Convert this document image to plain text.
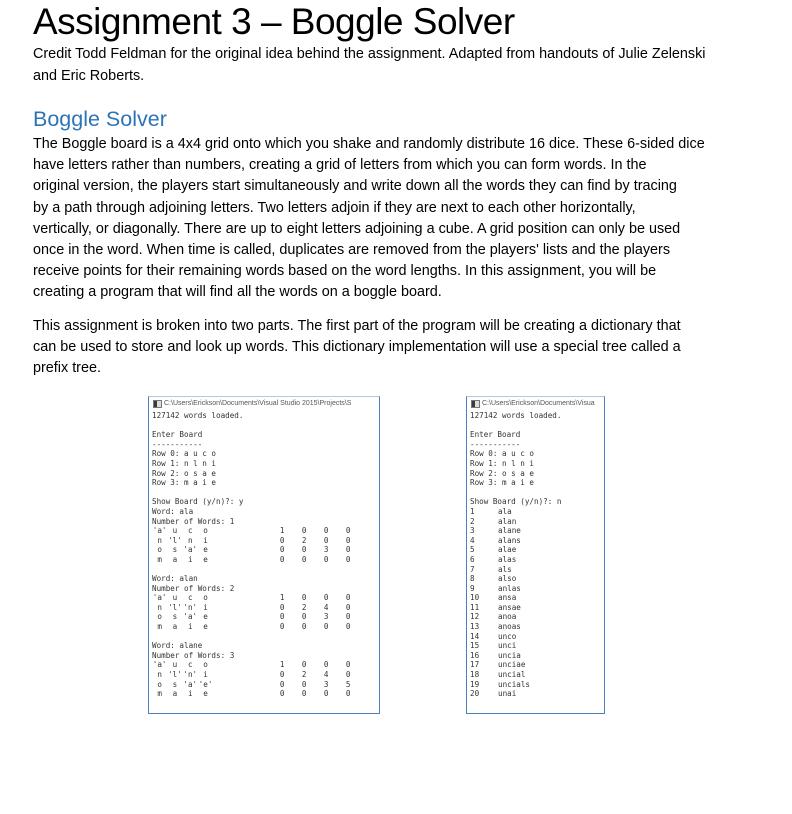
Assignment 3 – Boggle Solver
Credit Todd Feldman for the original idea behind the assignment. Adapted from handouts of Julie Zelenski and Eric Roberts.
Boggle Solver
The Boggle board is a 4x4 grid onto which you shake and randomly distribute 16 dice. These 6-sided dice
have letters rather than numbers, creating a grid of letters from which you can form words. In the
original version, the players start simultaneously and write down all the words they can find by tracing
by a path through adjoining letters. Two letters adjoin if they are next to each other horizontally,
vertically, or diagonally. There are up to eight letters adjoining a cube. A grid position can only be used
once in the word. When time is called, duplicates are removed from the players' lists and the players
receive points for their remaining words based on the word lengths. In this assignment, you will be
creating a program that will find all the words on a boggle board.
This assignment is broken into two parts. The first part of the program will be creating a dictionary that
can be used to store and look up words. This dictionary implementation will use a special tree called a
prefix tree.
C:\Users\Erickson\Documents\Visual Studio 2015\Projects\S
127142 words loaded.
Enter Board
-----------
Row 0: a u c o
Row 1: n l n i
Row 2: o s a e
Row 3: m a i e
Show Board (y/n)?: y
Word: ala
Number of Words: 1
'a' u	c	o	1	0	0	0
n 'l' n	i	0	2	0	0
o	s 'a' e	0	0	3	0
m	a	i	e	0	0	0	0
Word: alan
Number of Words: 2
'a' u	c	o	1	0	0	0
n 'l' 'n' i	0	2	4	0
o	s 'a' e	0	0	3	0
m	a	i	e	0	0	0	0
Word: alane
Number of Words: 3
'a' u	c	o	1	0	0	0
n 'l' 'n' i	0	2	4	0
o	s 'a' 'e'	0	0	3	5
m	a	i	e	0	0	0	0
C:\Users\Erickson\Documents\Visua
127142 words loaded.
Enter Board
-----------
Row 0: a u c o
Row 1: n l n i
Row 2: o s a e
Row 3: m a i e
Show Board (y/n)?: n
1	ala
2	alan
3	alane
4	alans
5	alae
6	alas
7	als
8	also
9	anlas
10	ansa
11	ansae
12	anoa
13	anoas
14	unco
15	unci
16	uncia
17	unciae
18	uncial
19	uncials
20	unai
